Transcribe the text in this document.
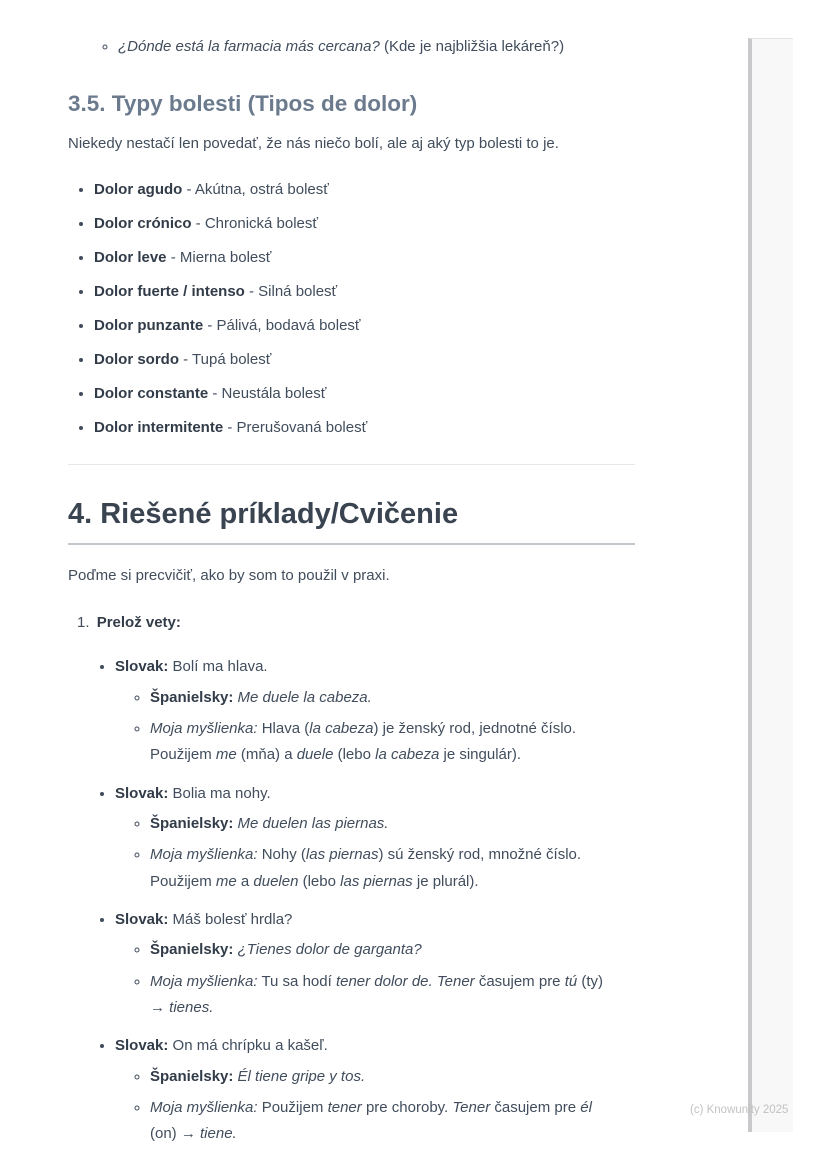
◦ ¿Dónde está la farmacia más cercana? (Kde je najbližšia lekáreň?)
3.5. Typy bolesti (Tipos de dolor)

Niekedy nestačí len povedať, že nás niečo bolí, ale aj aký typ bolesti to je.

• Dolor agudo - Akútna, ostrá bolesť
• Dolor crónico - Chronická bolesť
• Dolor leve - Mierna bolesť
• Dolor fuerte / intenso - Silná bolesť
• Dolor punzante - Pálivá, bodavá bolesť
• Dolor sordo - Tupá bolesť
• Dolor constante - Neustála bolesť
• Dolor intermitente - Prerušovaná bolesť
4. Riešené príklady/Cvičenie

Poďme si precvičiť, ako by som to použil v praxi.

1. Prelož vety:
• Slovak: Bolí ma hlava.
◦ Španielsky: Me duele la cabeza.
◦ Moja myšlienka: Hlava (la cabeza) je ženský rod, jednotné číslo. Použijem me (mňa) a duele (lebo la cabeza je singulár).
• Slovak: Bolia ma nohy.
◦ Španielsky: Me duelen las piernas.
◦ Moja myšlienka: Nohy (las piernas) sú ženský rod, množné číslo. Použijem me a duelen (lebo las piernas je plurál).
• Slovak: Máš bolesť hrdla?
◦ Španielsky: ¿Tienes dolor de garganta?
◦ Moja myšlienka: Tu sa hodí tener dolor de. Tener časujem pre tú (ty) → tienes.
• Slovak: On má chrípku a kašeľ.
◦ Španielsky: Él tiene gripe y tos.
◦ Moja myšlienka: Použijem tener pre choroby. Tener časujem pre él (on) → tiene.
(c) Knowunity 2025
